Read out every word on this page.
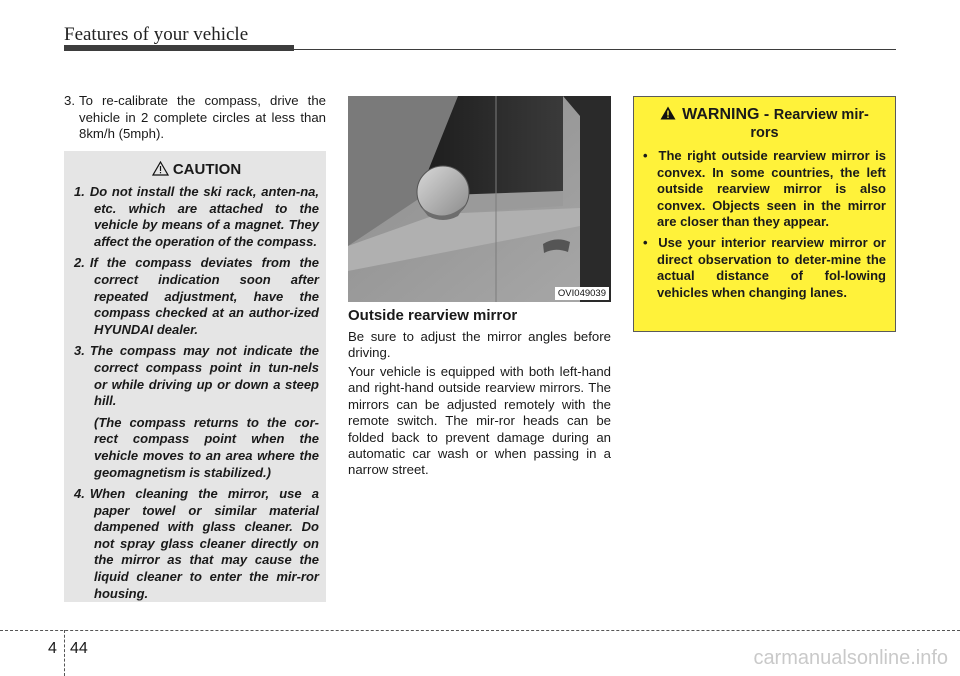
Features of your vehicle
3. To re-calibrate the compass, drive the vehicle in 2 complete circles at less than 8km/h (5mph).
CAUTION
1. Do not install the ski rack, anten-na, etc. which are attached to the vehicle by means of a magnet. They affect the operation of the compass.
2. If the compass deviates from the correct indication soon after repeated adjustment, have the compass checked at an author-ized HYUNDAI dealer.
3. The compass may not indicate the correct compass point in tun-nels or while driving up or down a steep hill.
(The compass returns to the cor-rect compass point when the vehicle moves to an area where the geomagnetism is stabilized.)
4. When cleaning the mirror, use a paper towel or similar material dampened with glass cleaner. Do not spray glass cleaner directly on the mirror as that may cause the liquid cleaner to enter the mir-ror housing.
OVI049039
Outside rearview mirror

Be sure to adjust the mirror angles before driving.

Your vehicle is equipped with both left-hand and right-hand outside rearview mirrors. The mirrors can be adjusted remotely with the remote switch. The mir-ror heads can be folded back to prevent damage during an automatic car wash or when passing in a narrow street.

WARNING - Rearview mir-
rors
•  The right outside rearview mirror is convex. In some countries, the left outside rearview mirror is also convex. Objects seen in the mirror are closer than they appear.
•  Use your interior rearview mirror or direct observation to deter-mine the actual distance of fol-lowing vehicles when changing lanes.
4 44	carmanualsonline.info
